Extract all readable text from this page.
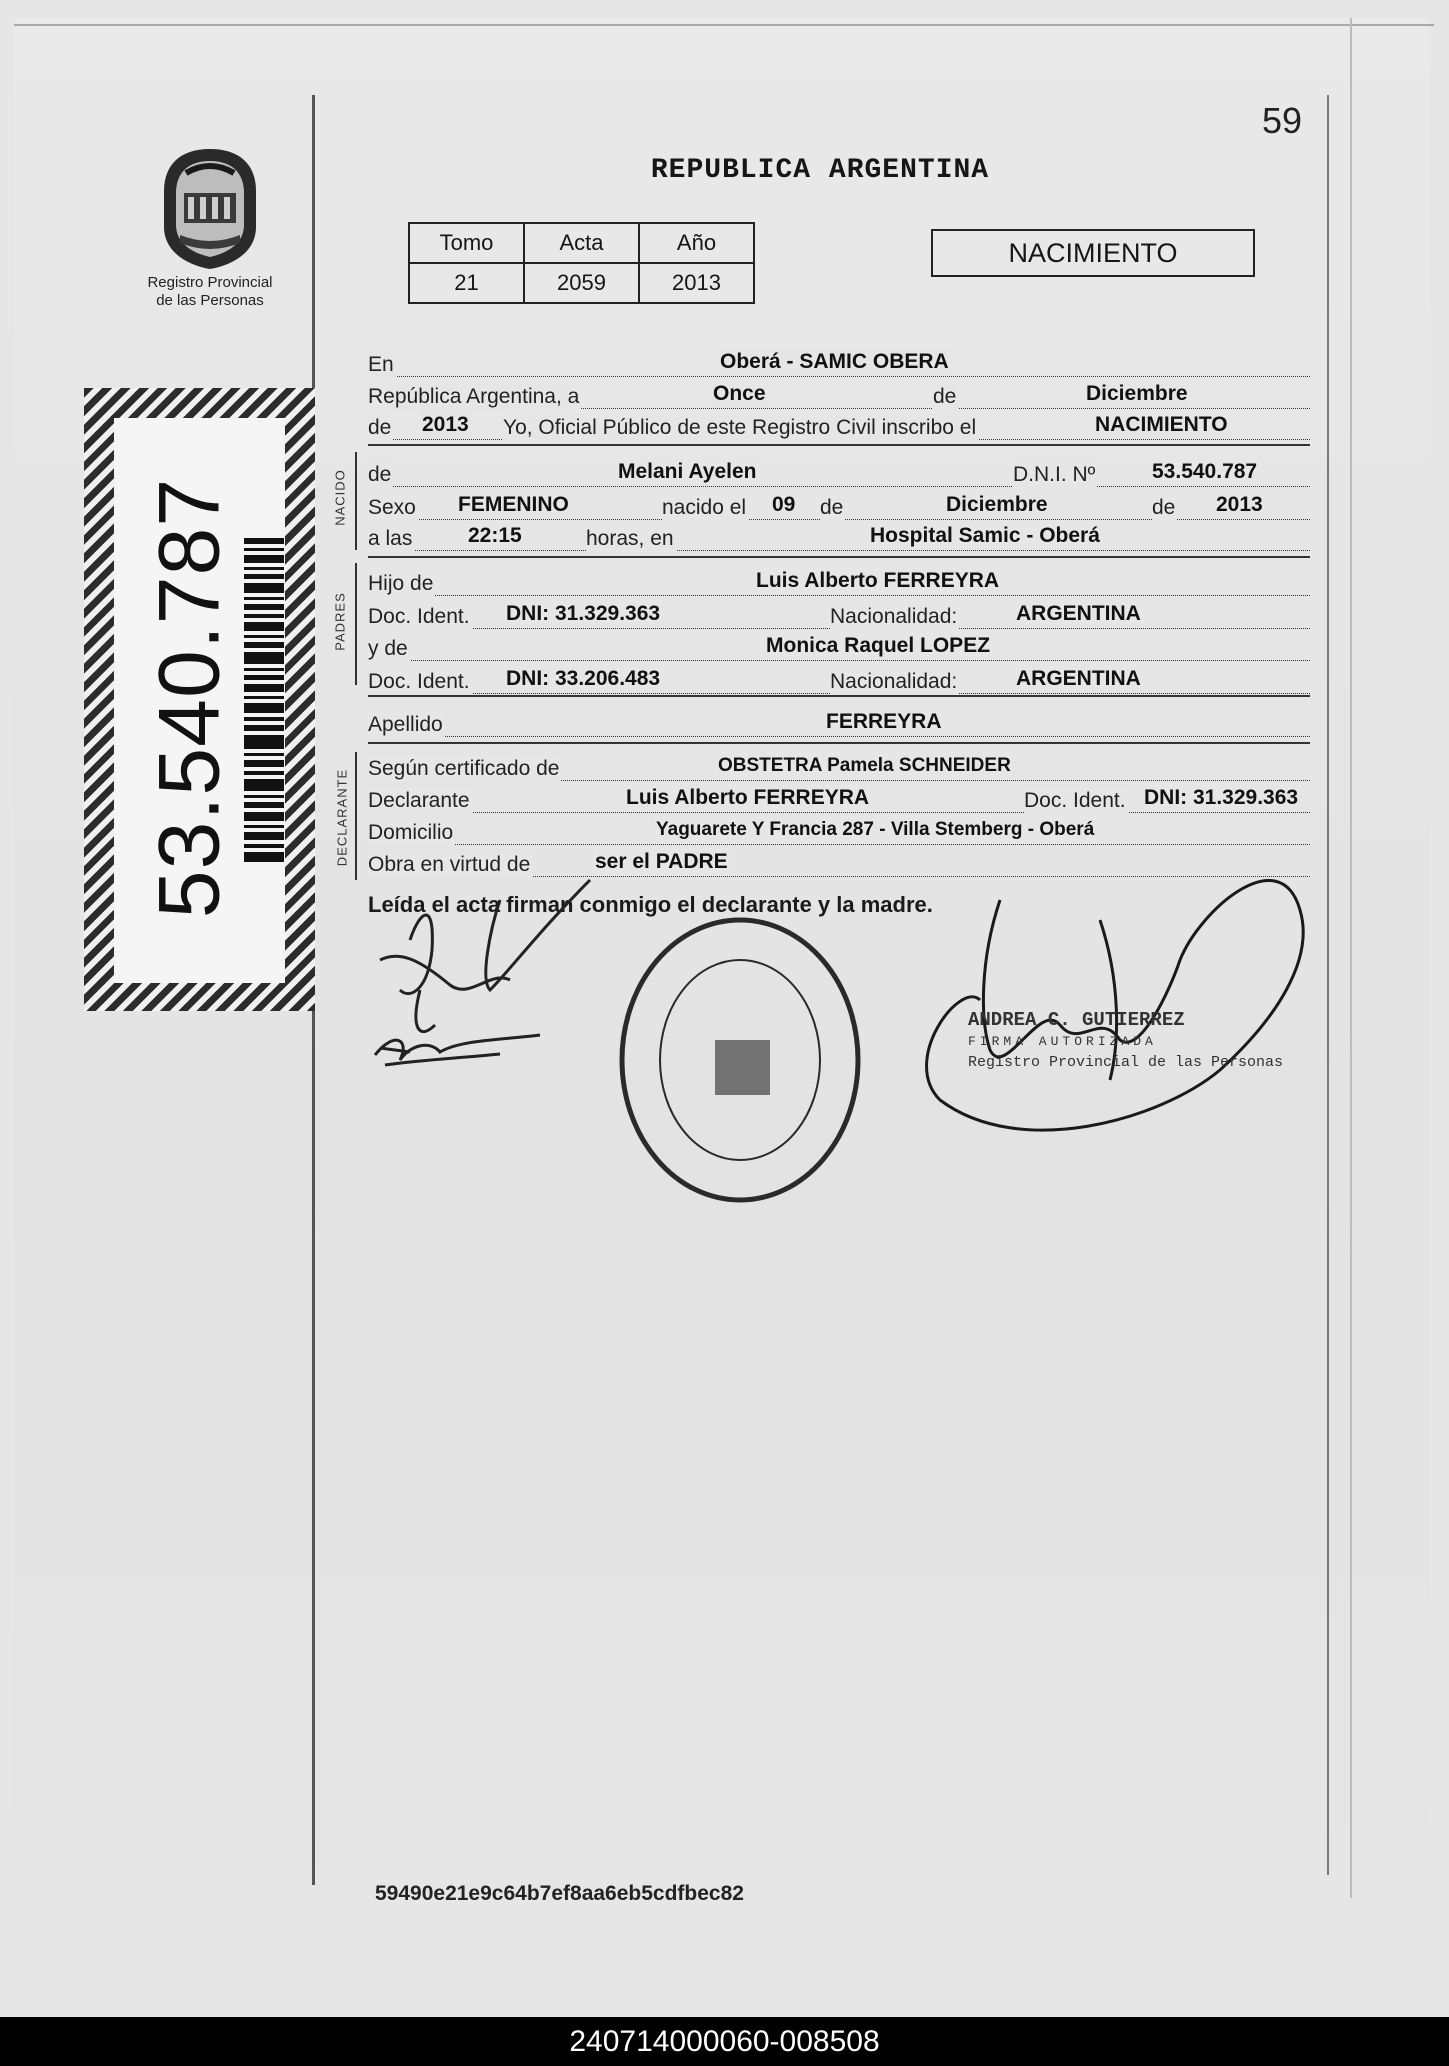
59
REPUBLICA ARGENTINA
Registro Provincial
de las Personas
Tomo	Acta	Año
21	2059	2013
NACIMIENTO
53.540.787
En	Oberá - SAMIC OBERA
República Argentina, a	Once	de	Diciembre
de 2013 Yo, Oficial Público de este Registro Civil inscribo el	NACIMIENTO
NACIDO de	Melani Ayelen	D.N.I. Nº	53.540.787
Sexo FEMENINO	nacido el 09 de	Diciembre	de 2013
a las	22:15	horas, en	Hospital Samic - Oberá
PADRES
Hijo de	Luis Alberto FERREYRA
Doc. Ident. DNI: 31.329.363	Nacionalidad:	ARGENTINA
y de	Monica Raquel LOPEZ
Doc. Ident. DNI: 33.206.483	Nacionalidad:	ARGENTINA
Apellido	FERREYRA
DECLARANTE
Según certificado de	OBSTETRA Pamela SCHNEIDER
Declarante	Luis Alberto FERREYRA	Doc. Ident. DNI: 31.329.363
Domicilio	Yaguarete Y Francia 287 - Villa Stemberg - Oberá
Obra en virtud de	ser el PADRE
Leída el acta firman conmigo el declarante y la madre.
ANDREA C. GUTIERREZ
FIRMA AUTORIZADA
Registro Provincial de las Personas
59490e21e9c64b7ef8aa6eb5cdfbec82
240714000060-008508
